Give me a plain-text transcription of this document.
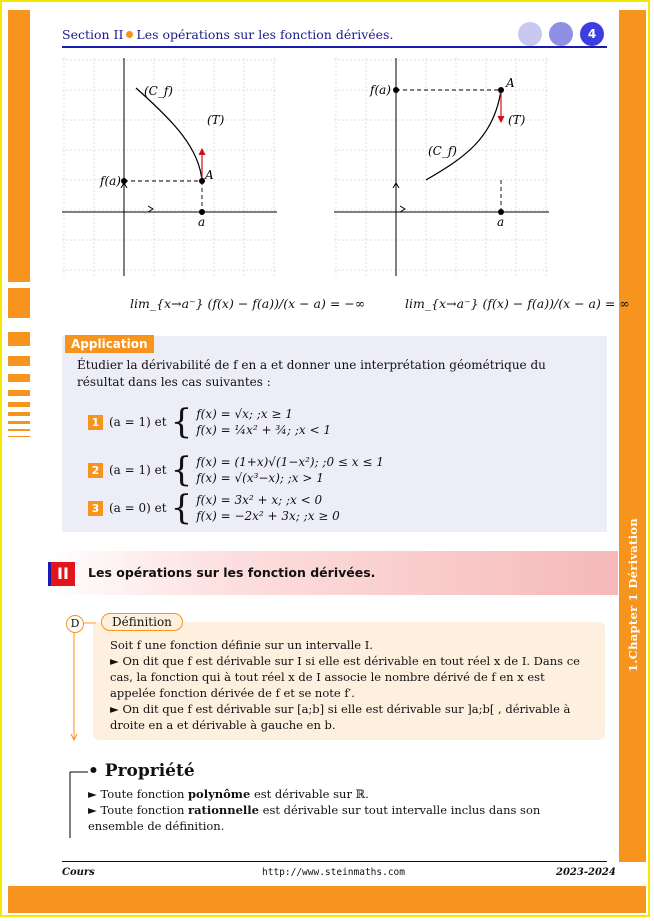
Section II Les opérations sur les fonction dérivées.	4
1.Chapter 1 Dérivation
(C_f)
(T)
A
f(a)
a
(C_f)
(T)
A
f(a)
a
lim_{x→a⁻} (f(x) − f(a))/(x − a) = −∞	lim_{x→a⁻} (f(x) − f(a))/(x − a) = ∞
Application
Étudier la dérivabilité de f en a et donner une interprétation géométrique du résultat dans les cas suivantes :
1 (a = 1) et { f(x) = √x; ;x ≥ 1
f(x) = ¼x² + ¾; ;x < 1
2 (a = 1) et { f(x) = (1+x)√(1−x²); ;0 ≤ x ≤ 1
f(x) = √(x³−x); ;x > 1
3 (a = 0) et { f(x) = 3x² + x; ;x < 0
f(x) = −2x² + 3x; ;x ≥ 0
II	Les opérations sur les fonction dérivées.
D	Définition
Soit f une fonction définie sur un intervalle I.
► On dit que f est dérivable sur I si elle est dérivable en tout réel x de I. Dans ce cas, la fonction qui à tout réel x de I associe le nombre dérivé de f en x est appelée fonction dérivée de f et se note f′.
► On dit que f est dérivable sur [a;b] si elle est dérivable sur ]a;b[ , dérivable à droite en a et dérivable à gauche en b.
• Propriété
► Toute fonction polynôme est dérivable sur ℝ.
► Toute fonction rationnelle est dérivable sur tout intervalle inclus dans son ensemble de définition.
Cours	http://www.steinmaths.com	2023-2024
